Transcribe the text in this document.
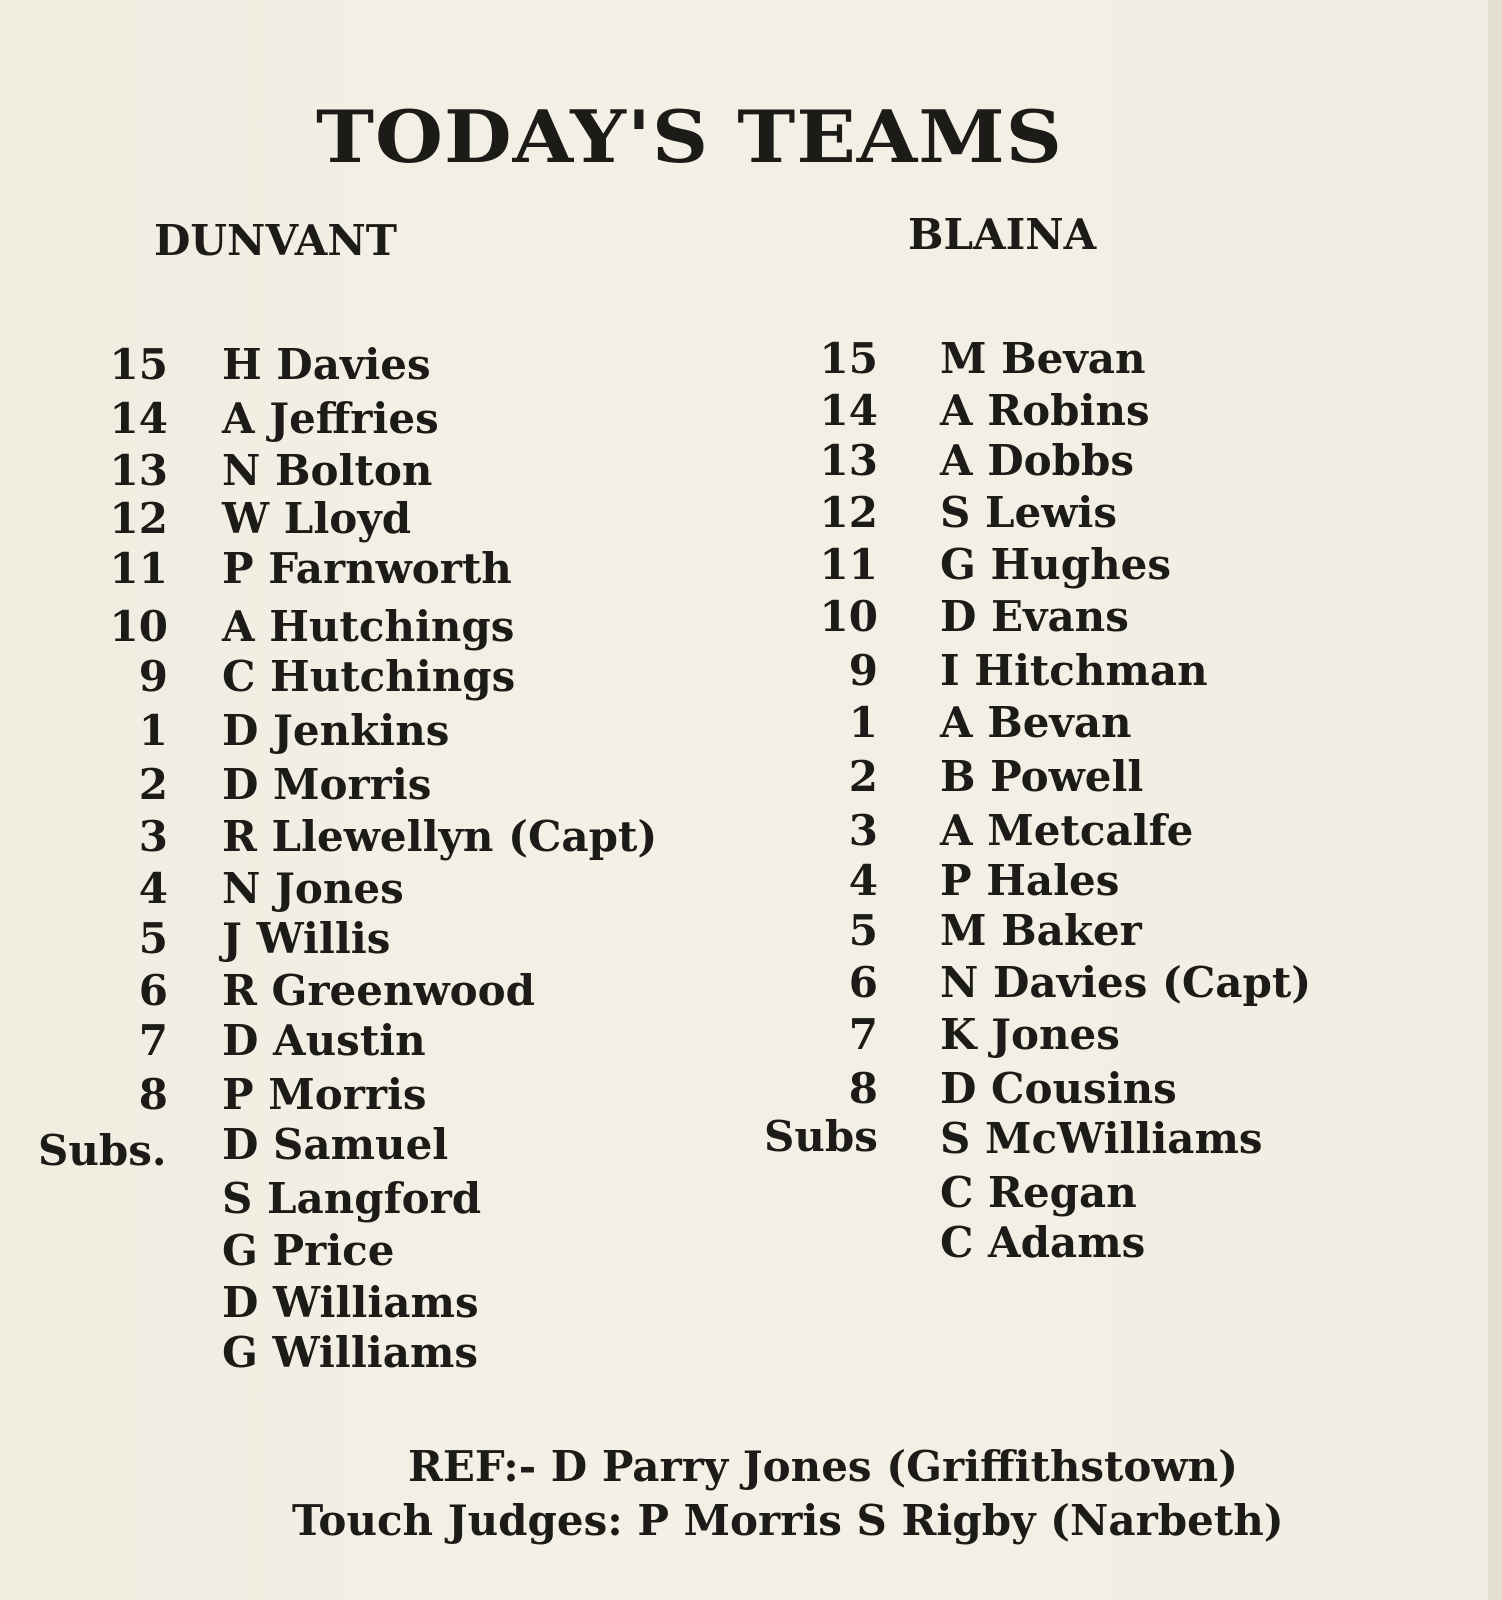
TODAY'S TEAMS
DUNVANT	BLAINA
15 H Davies
14 A Jeffries
13 N Bolton
12 W Lloyd
11 P Farnworth
10 A Hutchings
9 C Hutchings
1 D Jenkins
2 D Morris
3 R Llewellyn (Capt)
4 N Jones
5 J Willis
6 R Greenwood
7 D Austin
8 P Morris
Subs. D Samuel
S Langford
G Price
D Williams
G Williams
15 M Bevan
14 A Robins
13 A Dobbs
12 S Lewis
11 G Hughes
10 D Evans
9 I Hitchman
1 A Bevan
2 B Powell
3 A Metcalfe
4 P Hales
5 M Baker
6 N Davies (Capt)
7 K Jones
8 D Cousins
Subs S McWilliams
C Regan
C Adams
REF:- D Parry Jones (Griffithstown)
Touch Judges: P Morris S Rigby (Narbeth)
